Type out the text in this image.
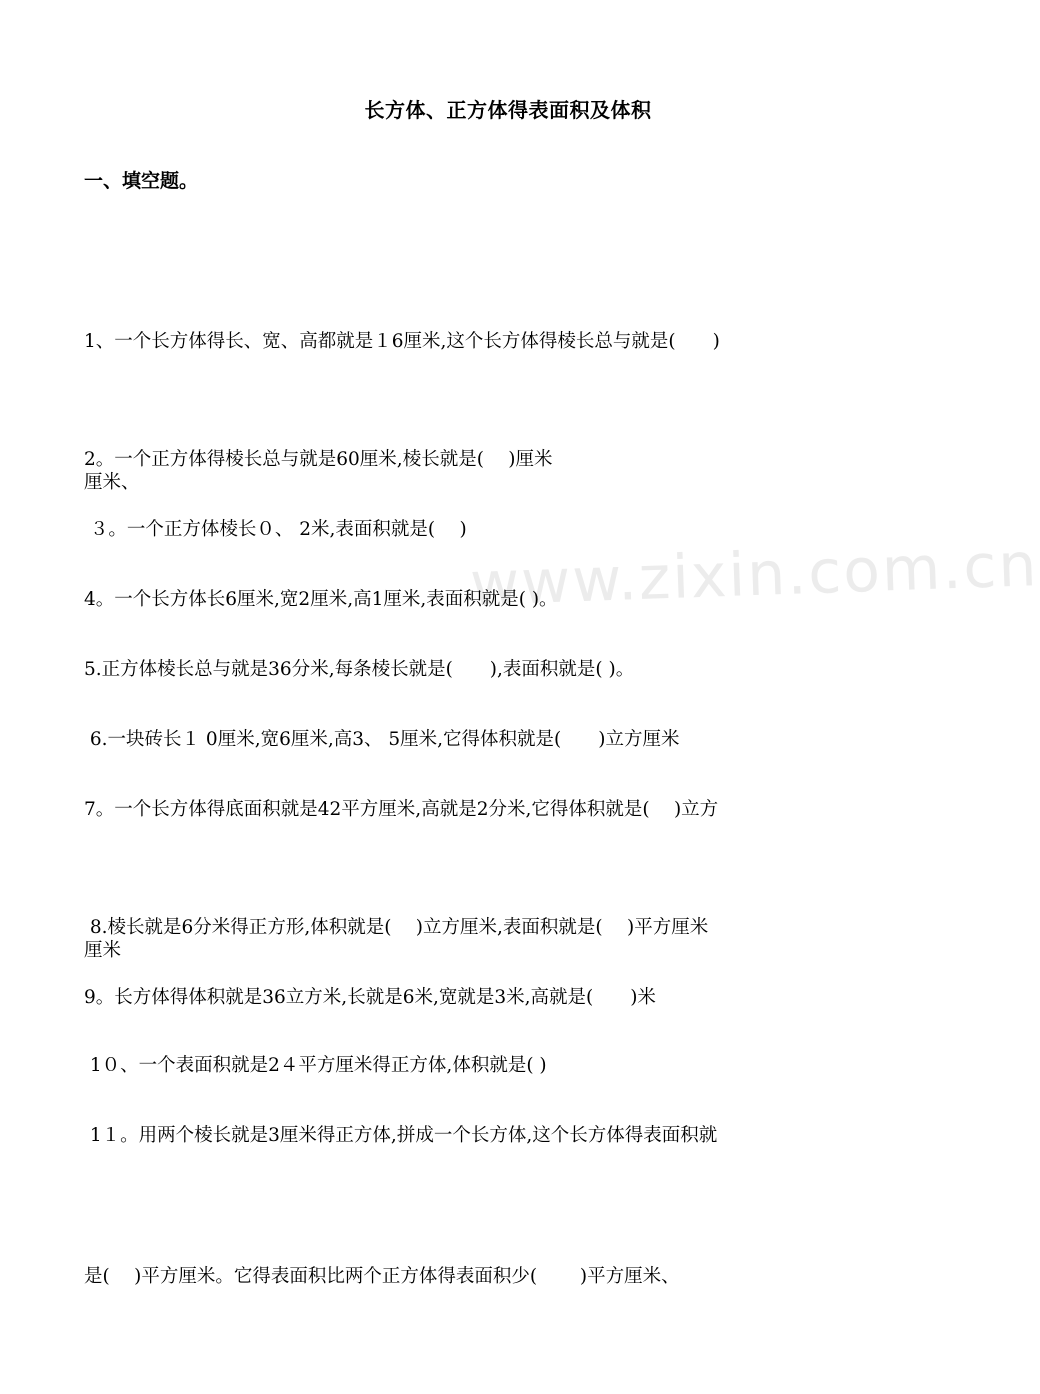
www.zixin.com.cn
长方体、正方体得表面积及体积
一、填空题。

1、一个长方体得长、宽、高都就是１6厘米,这个长方体得棱长总与就是(　　)

厘米、

2。一个正方体得棱长总与就是60厘米,棱长就是(　 )厘米

３。一个正方体棱长０、 2米,表面积就是(　 )

4。一个长方体长6厘米,宽2厘米,高1厘米,表面积就是( )。

5.正方体棱长总与就是36分米,每条棱长就是(　　),表面积就是( )。

6.一块砖长１ 0厘米,宽6厘米,高3、 5厘米,它得体积就是(　　)立方厘米

7。一个长方体得底面积就是42平方厘米,高就是2分米,它得体积就是(　 )立方

厘米

8.棱长就是6分米得正方形,体积就是(　 )立方厘米,表面积就是(　 )平方厘米

9。长方体得体积就是36立方米,长就是6米,宽就是3米,高就是(　　)米

1０、一个表面积就是2４平方厘米得正方体,体积就是( )

1１。用两个棱长就是3厘米得正方体,拼成一个长方体,这个长方体得表面积就

是(　 )平方厘米。它得表面积比两个正方体得表面积少(　　 )平方厘米、
